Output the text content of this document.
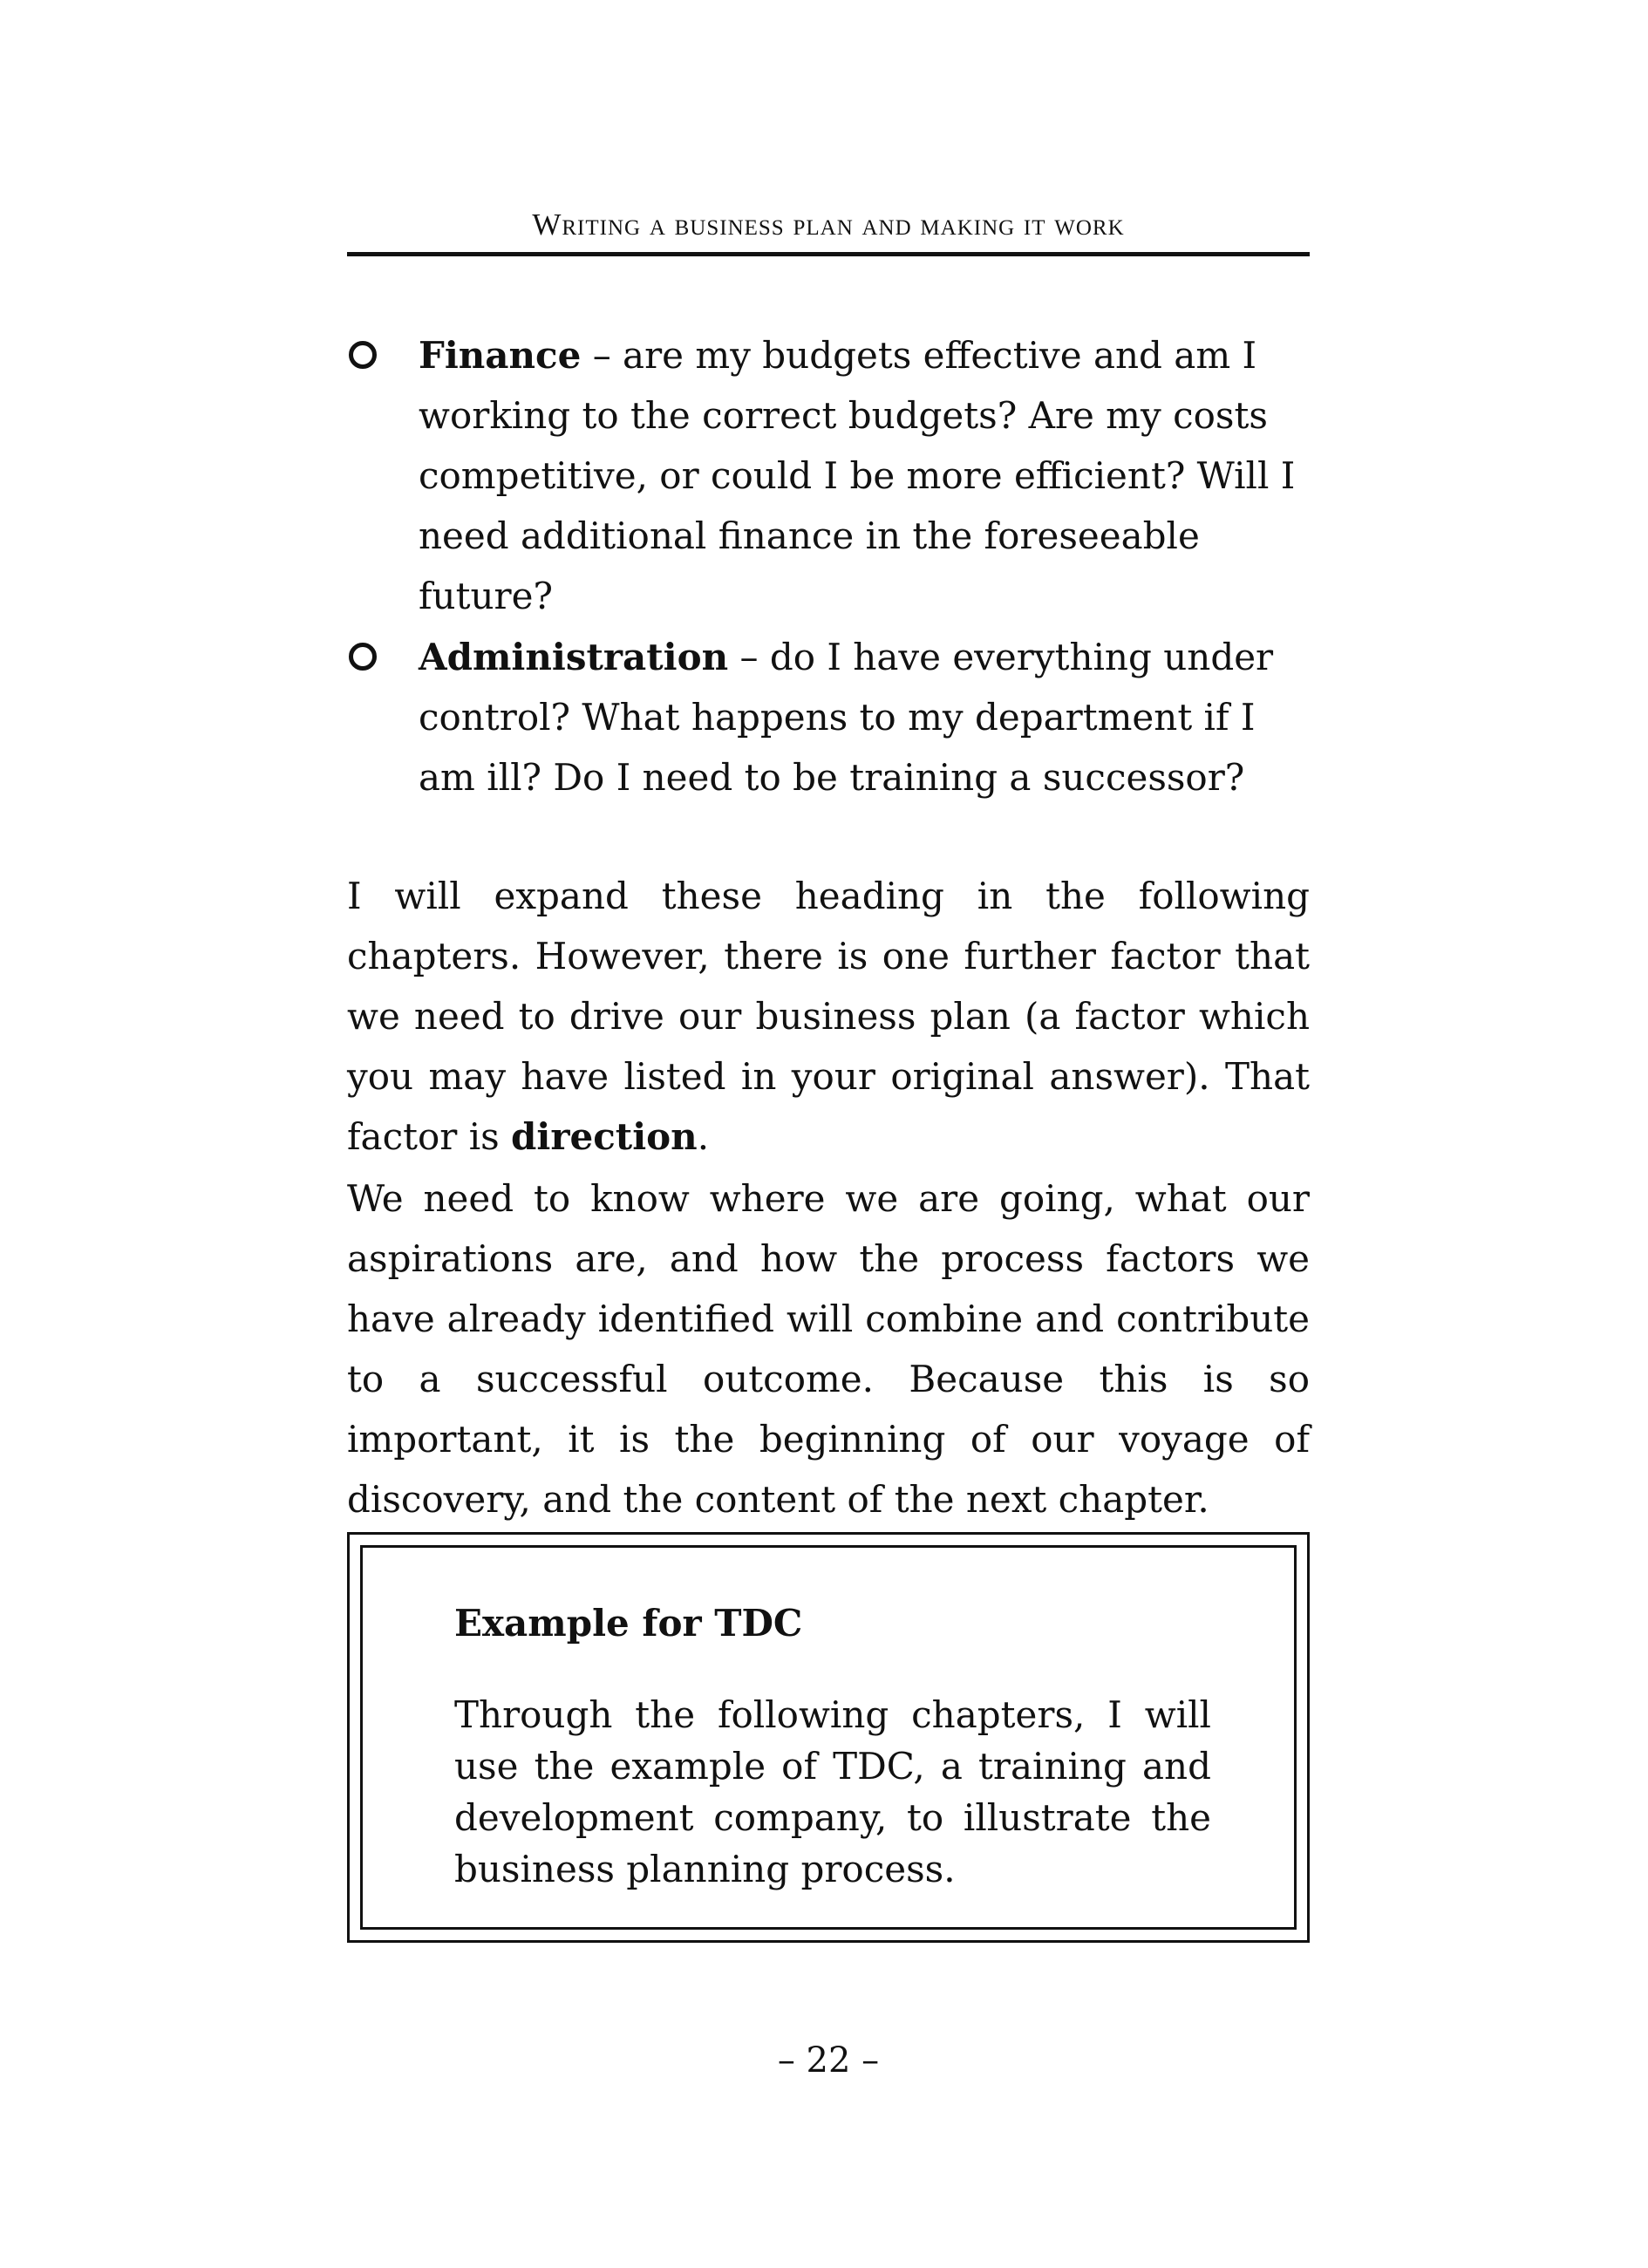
Writing a business plan and making it work
Finance – are my budgets effective and am I working to the correct budgets? Are my costs competitive, or could I be more efficient? Will I need additional finance in the foreseeable future?
Administration – do I have everything under control? What happens to my department if I am ill? Do I need to be training a successor?
I will expand these heading in the following chapters. However, there is one further factor that we need to drive our business plan (a factor which you may have listed in your original answer). That factor is direction.
We need to know where we are going, what our aspirations are, and how the process factors we have already identified will combine and contribute to a successful outcome. Because this is so important, it is the beginning of our voyage of discovery, and the content of the next chapter.
Example for TDC
Through the following chapters, I will use the example of TDC, a training and development company, to illustrate the business planning process.
– 22 –
